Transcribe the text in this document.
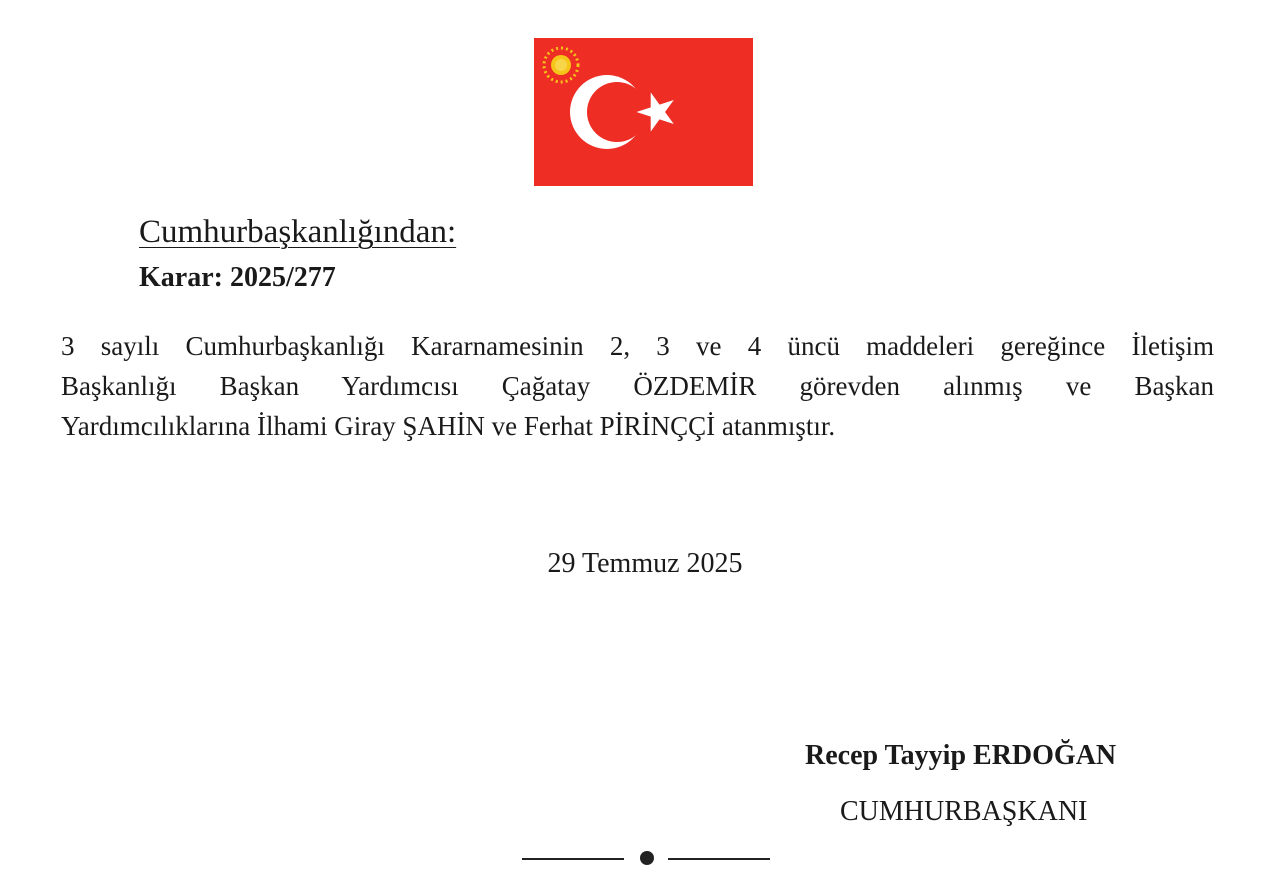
Cumhurbaşkanlığından:
Karar: 2025/277
3 sayılı Cumhurbaşkanlığı Kararnamesinin 2, 3 ve 4 üncü maddeleri gereğince İletişim
Başkanlığı Başkan Yardımcısı Çağatay ÖZDEMİR görevden alınmış ve Başkan
Yardımcılıklarına İlhami Giray ŞAHİN ve Ferhat PİRİNÇÇİ atanmıştır.
29 Temmuz 2025
Recep Tayyip ERDOĞAN
CUMHURBAŞKANI
